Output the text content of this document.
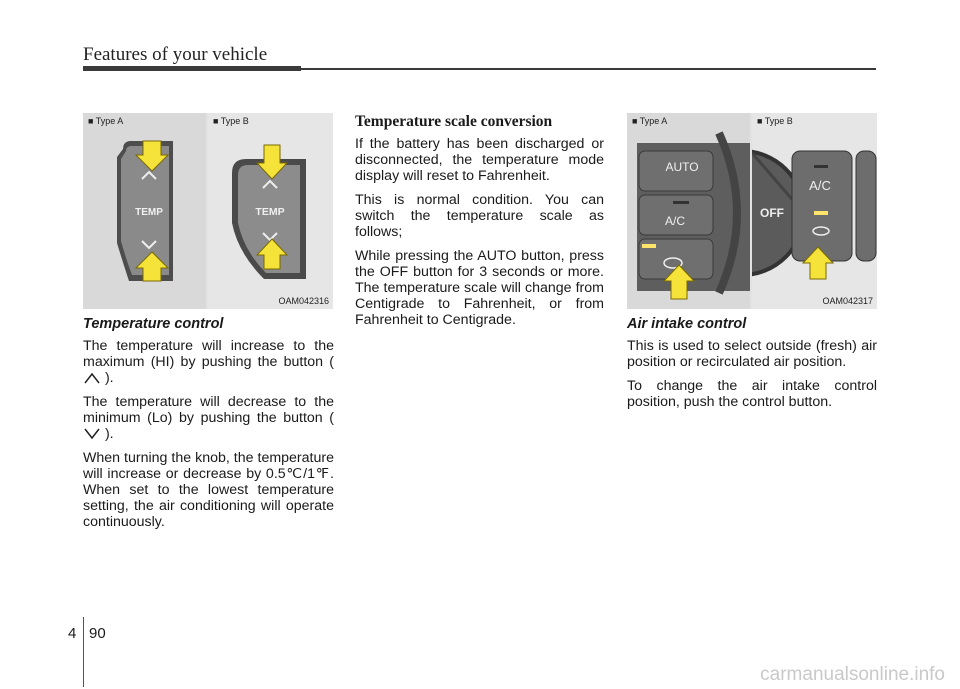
Features of your vehicle
■ Type A
TEMP
■ Type B
TEMP
OAM042316
■ Type A
AUTO
A/C
■ Type B
OFF
A/C
OAM042317
Temperature control

The temperature will increase to the maximum (HI) by pushing the button (  ).

The temperature will decrease to the minimum (Lo) by pushing the button (  ).

When turning the knob, the temperature will increase or decrease by 0.5℃/1℉. When set to the lowest temperature setting, the air conditioning will operate continuously.

Temperature scale conversion

If the battery has been discharged or disconnected, the temperature mode display will reset to Fahrenheit.

This is normal condition. You can switch the temperature scale as follows;

While pressing the AUTO button, press the OFF button for 3 seconds or more. The temperature scale will change from Centigrade to Fahrenheit, or from Fahrenheit to Centigrade.	Air intake control

This is used to select outside (fresh) air position or recirculated air position.

To change the air intake control position, push the control button.

4 90
carmanualsonline.info
